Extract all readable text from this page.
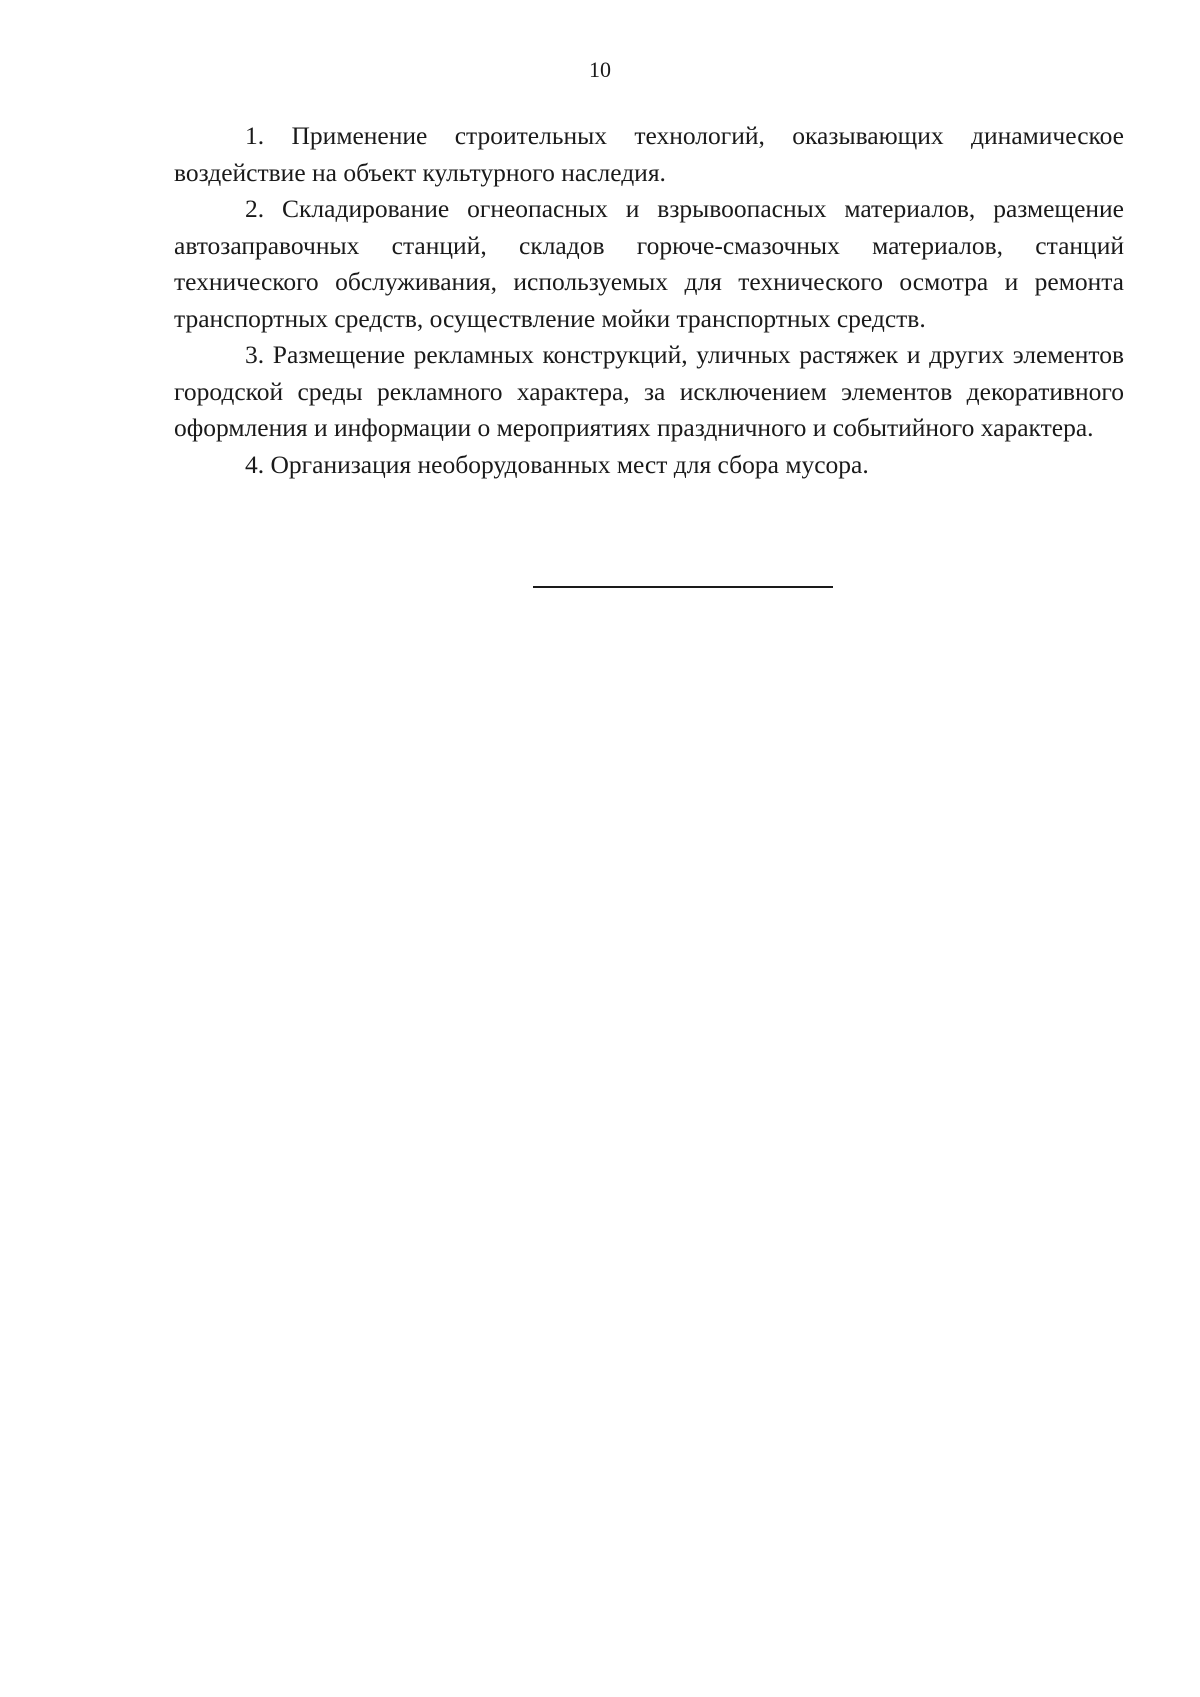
10

1. Применение строительных технологий, оказывающих динамическое воздействие на объект культурного наследия.

2. Складирование огнеопасных и взрывоопасных материалов, размещение автозаправочных станций, складов горюче-смазочных материалов, станций технического обслуживания, используемых для технического осмотра и ремонта транспортных средств, осуществление мойки транспортных средств.

3. Размещение рекламных конструкций, уличных растяжек и других элементов городской среды рекламного характера, за исключением элементов декоративного оформления и информации о мероприятиях праздничного и событийного характера.

4. Организация необорудованных мест для сбора мусора.
